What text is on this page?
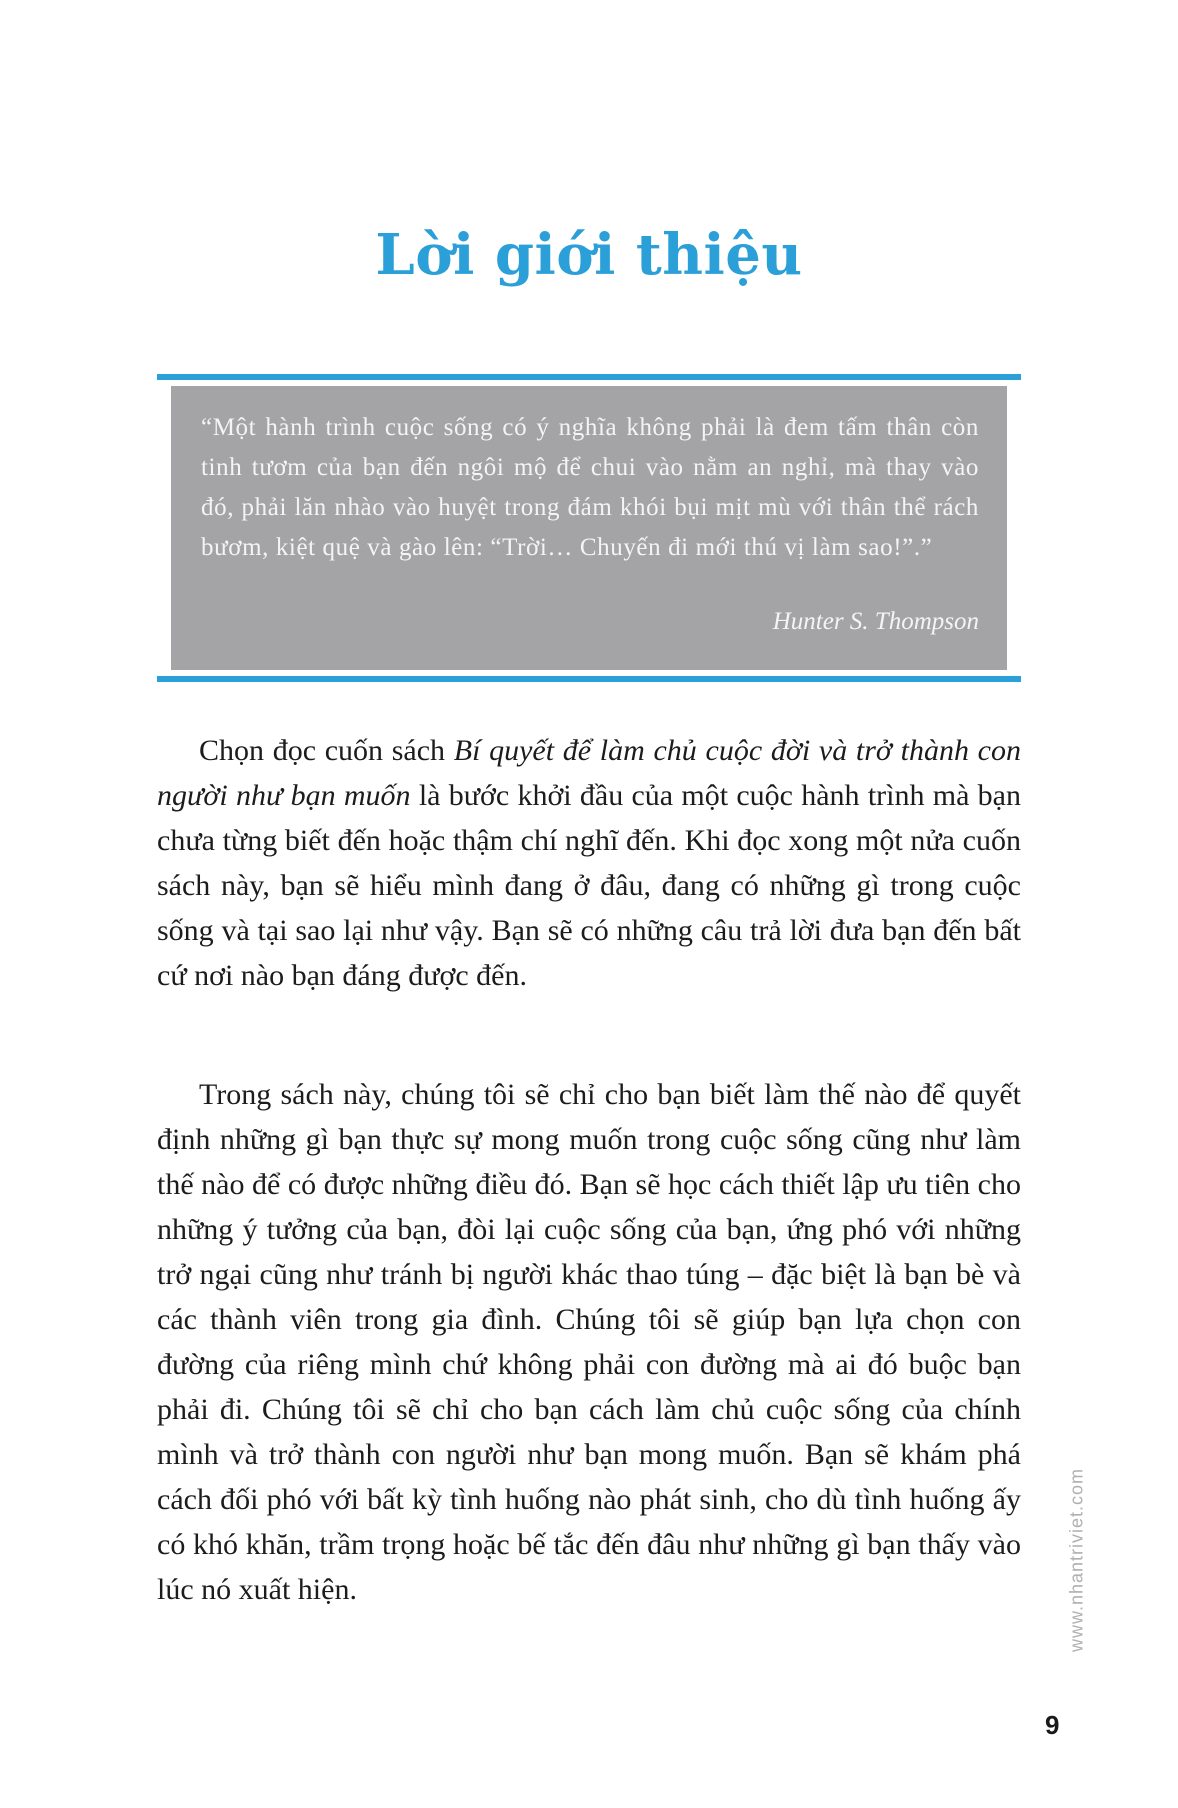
Lời giới thiệu
“Một hành trình cuộc sống có ý nghĩa không phải là đem tấm thân còn tinh tươm của bạn đến ngôi mộ để chui vào nằm an nghỉ, mà thay vào đó, phải lăn nhào vào huyệt trong đám khói bụi mịt mù với thân thể rách bươm, kiệt quệ và gào lên: “Trời… Chuyến đi mới thú vị làm sao!”.”
Hunter S. Thompson

Chọn đọc cuốn sách Bí quyết để làm chủ cuộc đời và trở thành con người như bạn muốn là bước khởi đầu của một cuộc hành trình mà bạn chưa từng biết đến hoặc thậm chí nghĩ đến. Khi đọc xong một nửa cuốn sách này, bạn sẽ hiểu mình đang ở đâu, đang có những gì trong cuộc sống và tại sao lại như vậy. Bạn sẽ có những câu trả lời đưa bạn đến bất cứ nơi nào bạn đáng được đến.

Trong sách này, chúng tôi sẽ chỉ cho bạn biết làm thế nào để quyết định những gì bạn thực sự mong muốn trong cuộc sống cũng như làm thế nào để có được những điều đó. Bạn sẽ học cách thiết lập ưu tiên cho những ý tưởng của bạn, đòi lại cuộc sống của bạn, ứng phó với những trở ngại cũng như tránh bị người khác thao túng – đặc biệt là bạn bè và các thành viên trong gia đình. Chúng tôi sẽ giúp bạn lựa chọn con đường của riêng mình chứ không phải con đường mà ai đó buộc bạn phải đi. Chúng tôi sẽ chỉ cho bạn cách làm chủ cuộc sống của chính mình và trở thành con người như bạn mong muốn. Bạn sẽ khám phá cách đối phó với bất kỳ tình huống nào phát sinh, cho dù tình huống ấy có khó khăn, trầm trọng hoặc bế tắc đến đâu như những gì bạn thấy vào lúc nó xuất hiện.	www.nhantriviet.com
9
